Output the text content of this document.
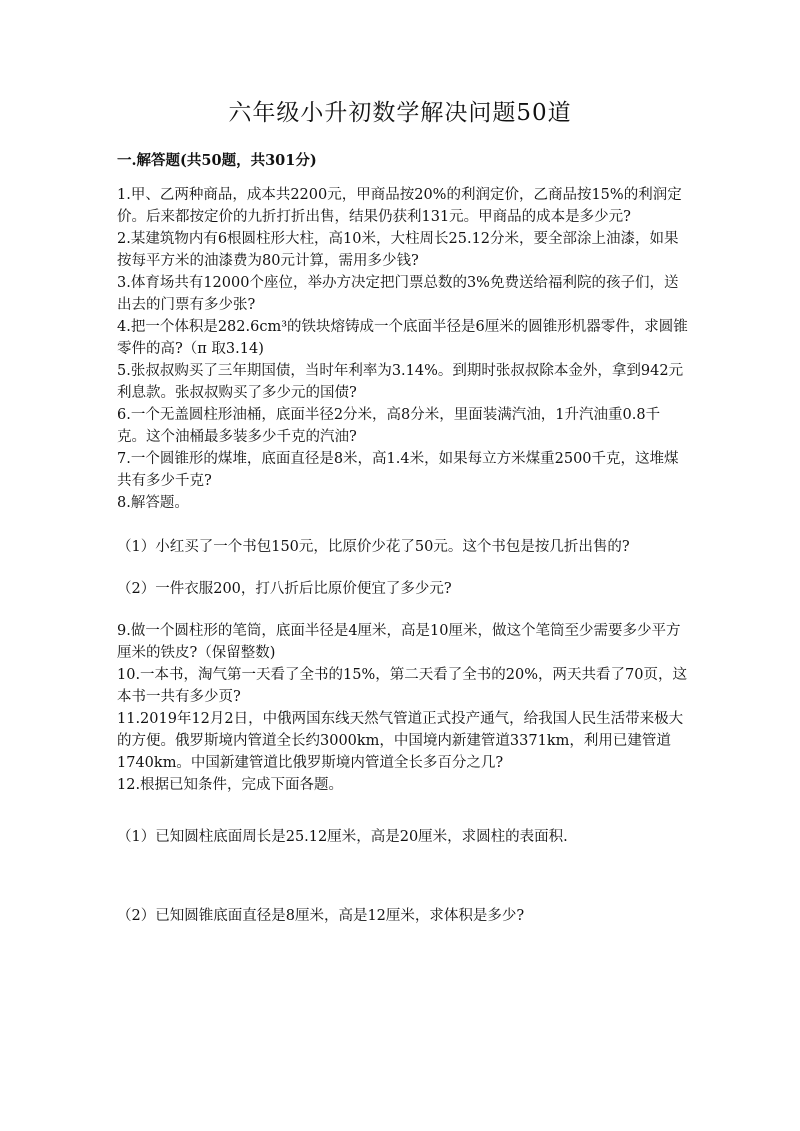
六年级小升初数学解决问题50道
一.解答题(共50题，共301分)

1.甲、乙两种商品，成本共2200元，甲商品按20%的利润定价，乙商品按15%的利润定价。后来都按定价的九折打折出售，结果仍获利131元。甲商品的成本是多少元?

2.某建筑物内有6根圆柱形大柱，高10米，大柱周长25.12分米，要全部涂上油漆，如果按每平方米的油漆费为80元计算，需用多少钱?

3.体育场共有12000个座位，举办方决定把门票总数的3%免费送给福利院的孩子们，送出去的门票有多少张?

4.把一个体积是282.6cm³的铁块熔铸成一个底面半径是6厘米的圆锥形机器零件，求圆锥零件的高?（π 取3.14)

5.张叔叔购买了三年期国债，当时年利率为3.14%。到期时张叔叔除本金外，拿到942元利息款。张叔叔购买了多少元的国债?

6.一个无盖圆柱形油桶，底面半径2分米，高8分米，里面装满汽油，1升汽油重0.8千克。这个油桶最多装多少千克的汽油?

7.一个圆锥形的煤堆，底面直径是8米，高1.4米，如果每立方米煤重2500千克，这堆煤共有多少千克?

8.解答题。

（1）小红买了一个书包150元，比原价少花了50元。这个书包是按几折出售的?

（2）一件衣服200，打八折后比原价便宜了多少元?

9.做一个圆柱形的笔筒，底面半径是4厘米，高是10厘米，做这个笔筒至少需要多少平方厘米的铁皮?（保留整数)

10.一本书，淘气第一天看了全书的15%，第二天看了全书的20%，两天共看了70页，这本书一共有多少页?

11.2019年12月2日，中俄两国东线天然气管道正式投产通气，给我国人民生活带来极大的方便。俄罗斯境内管道全长约3000km，中国境内新建管道3371km，利用已建管道1740km。中国新建管道比俄罗斯境内管道全长多百分之几?

12.根据已知条件，完成下面各题。

（1）已知圆柱底面周长是25.12厘米，高是20厘米，求圆柱的表面积.

（2）已知圆锥底面直径是8厘米，高是12厘米，求体积是多少?
